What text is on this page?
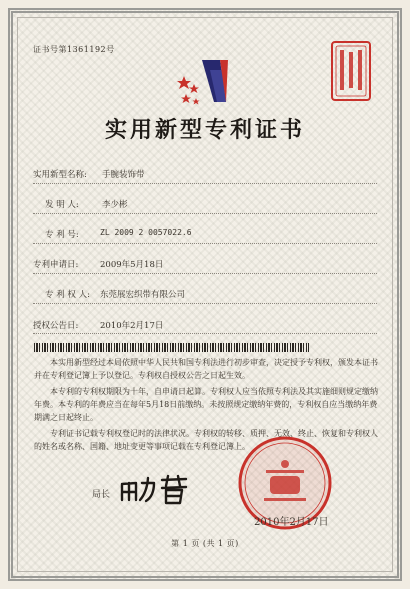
证书号第1361192号
实用新型专利证书
实用新型名称: 手腕装饰带
发 明 人:	李少彬
专 利 号:	ZL 2009 2 0057022.6
专利申请日:	2009年5月18日
专 利 权 人: 东莞展宏织带有限公司
授权公告日:	2010年2月17日

本实用新型经过本局依照中华人民共和国专利法进行初步审查，决定授予专利权，颁发本证书并在专利登记簿上予以登记。专利权自授权公告之日起生效。

本专利的专利权期限为十年，自申请日起算。专利权人应当依照专利法及其实施细则规定缴纳年费。本专利的年费应当在每年5月18日前缴纳。未按照规定缴纳年费的，专利权自应当缴纳年费期满之日起终止。

专利证书记载专利权登记时的法律状况。专利权的转移、质押、无效、终止、恢复和专利权人的姓名或名称、国籍、地址变更等事项记载在专利登记簿上。

局长
2010年2月17日
第 1 页 (共 1 页)
